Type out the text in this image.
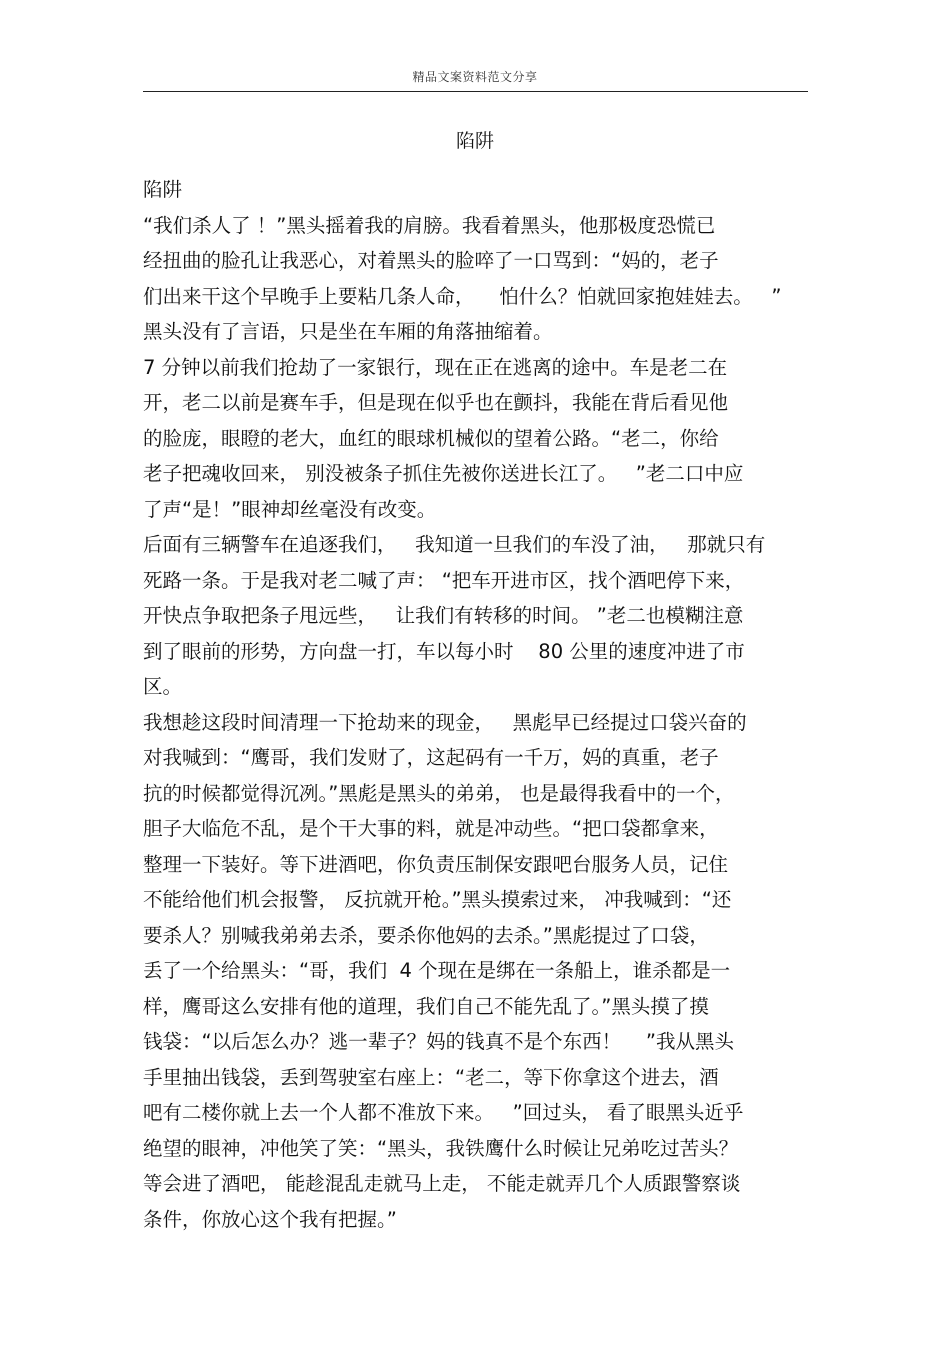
精品文案资料范文分享
陷阱
陷阱
“我们杀人了 ！”黑头摇着我的肩膀。我看着黑头，他那极度恐慌已
经扭曲的脸孔让我恶心，对着黑头的脸啐了一口骂到：“妈的，老子
们出来干这个早晚手上要粘几条人命，    怕什么？怕就回家抱娃娃去。   ”
黑头没有了言语，只是坐在车厢的角落抽缩着。
7 分钟以前我们抢劫了一家银行，现在正在逃离的途中。车是老二在
开，老二以前是赛车手，但是现在似乎也在颤抖，我能在背后看见他
的脸庞，眼瞪的老大，血红的眼球机械似的望着公路。“老二，你给
老子把魂收回来， 别没被条子抓住先被你送进长江了。   ”老二口中应
了声“是！”眼神却丝毫没有改变。
后面有三辆警车在追逐我们，   我知道一旦我们的车没了油，   那就只有
死路一条。于是我对老二喊了声： “把车开进市区，找个酒吧停下来，
开快点争取把条子甩远些，   让我们有转移的时间。 ”老二也模糊注意
到了眼前的形势，方向盘一打，车以每小时    80 公里的速度冲进了市
区。
我想趁这段时间清理一下抢劫来的现金，   黑彪早已经提过口袋兴奋的
对我喊到：“鹰哥，我们发财了，这起码有一千万，妈的真重，老子
抗的时候都觉得沉冽。”黑彪是黑头的弟弟， 也是最得我看中的一个，
胆子大临危不乱，是个干大事的料，就是冲动些。“把口袋都拿来，
整理一下装好。等下进酒吧，你负责压制保安跟吧台服务人员，记住
不能给他们机会报警， 反抗就开枪。”黑头摸索过来， 冲我喊到：“还
要杀人？别喊我弟弟去杀，要杀你他妈的去杀。”黑彪提过了口袋，
丢了一个给黑头：“哥，我们  4 个现在是绑在一条船上，谁杀都是一
样，鹰哥这么安排有他的道理，我们自己不能先乱了。”黑头摸了摸
钱袋：“以后怎么办？逃一辈子？妈的钱真不是个东西！    ”我从黑头
手里抽出钱袋，丢到驾驶室右座上：“老二，等下你拿这个进去，酒
吧有二楼你就上去一个人都不准放下来。   ”回过头， 看了眼黑头近乎
绝望的眼神，冲他笑了笑：“黑头，我铁鹰什么时候让兄弟吃过苦头？
等会进了酒吧， 能趁混乱走就马上走， 不能走就弄几个人质跟警察谈
条件，你放心这个我有把握。”
